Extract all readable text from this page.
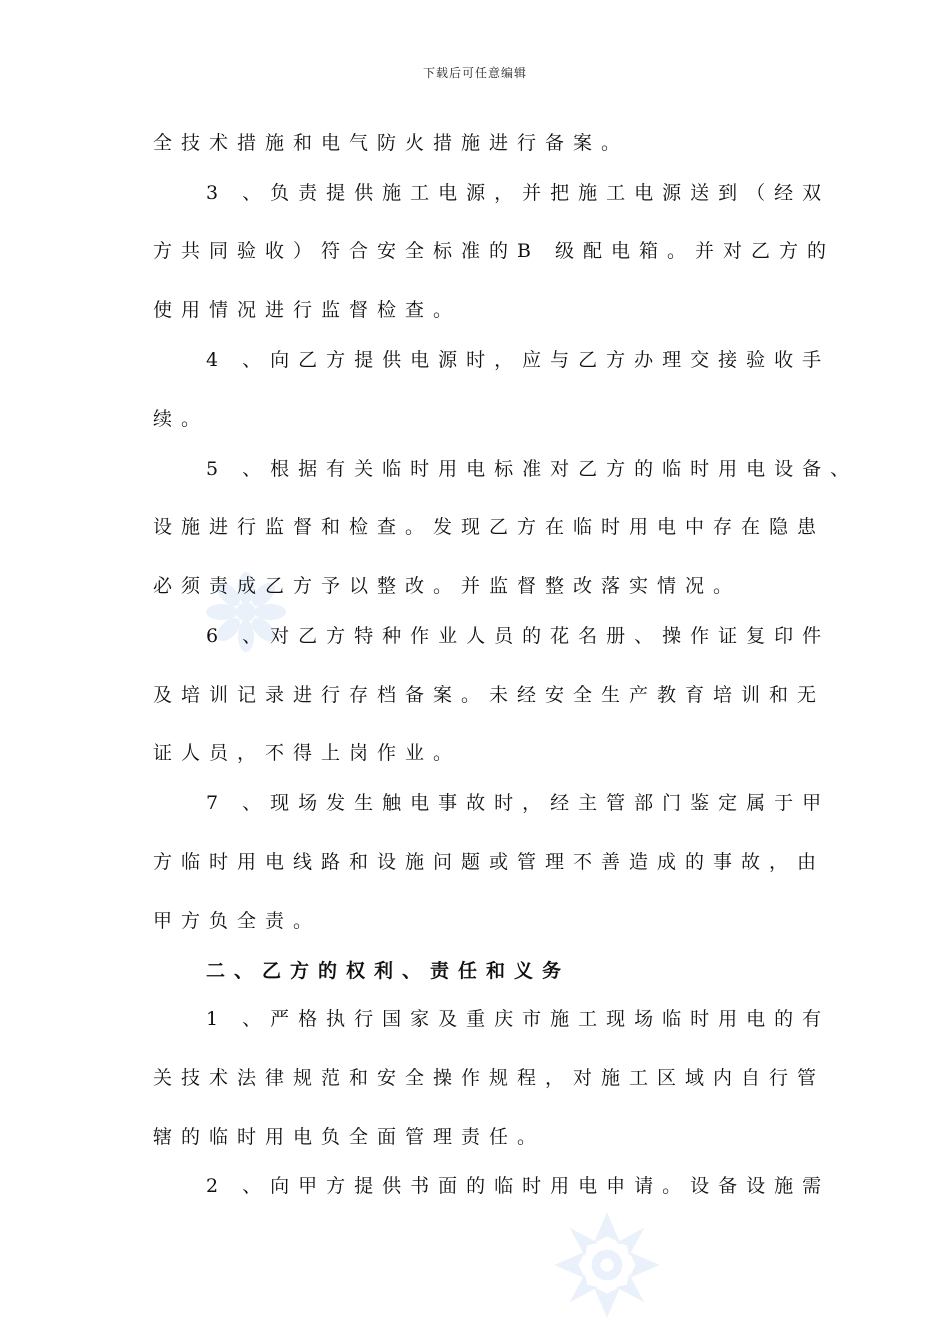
下载后可任意编辑
全技术措施和电气防火措施进行备案。
3 、负责提供施工电源，并把施工电源送到（经双
方共同验收）符合安全标准的B 级配电箱。并对乙方的
使用情况进行监督检查。
4 、向乙方提供电源时，应与乙方办理交接验收手
续。
5 、根据有关临时用电标准对乙方的临时用电设备、
设施进行监督和检查。发现乙方在临时用电中存在隐患
必须责成乙方予以整改。并监督整改落实情况。
6 、对乙方特种作业人员的花名册、操作证复印件
及培训记录进行存档备案。未经安全生产教育培训和无
证人员，不得上岗作业。
7 、现场发生触电事故时，经主管部门鉴定属于甲
方临时用电线路和设施问题或管理不善造成的事故，由
甲方负全责。
二、乙方的权利、责任和义务
1 、严格执行国家及重庆市施工现场临时用电的有
关技术法律规范和安全操作规程，对施工区域内自行管
辖的临时用电负全面管理责任。
2 、向甲方提供书面的临时用电申请。设备设施需
